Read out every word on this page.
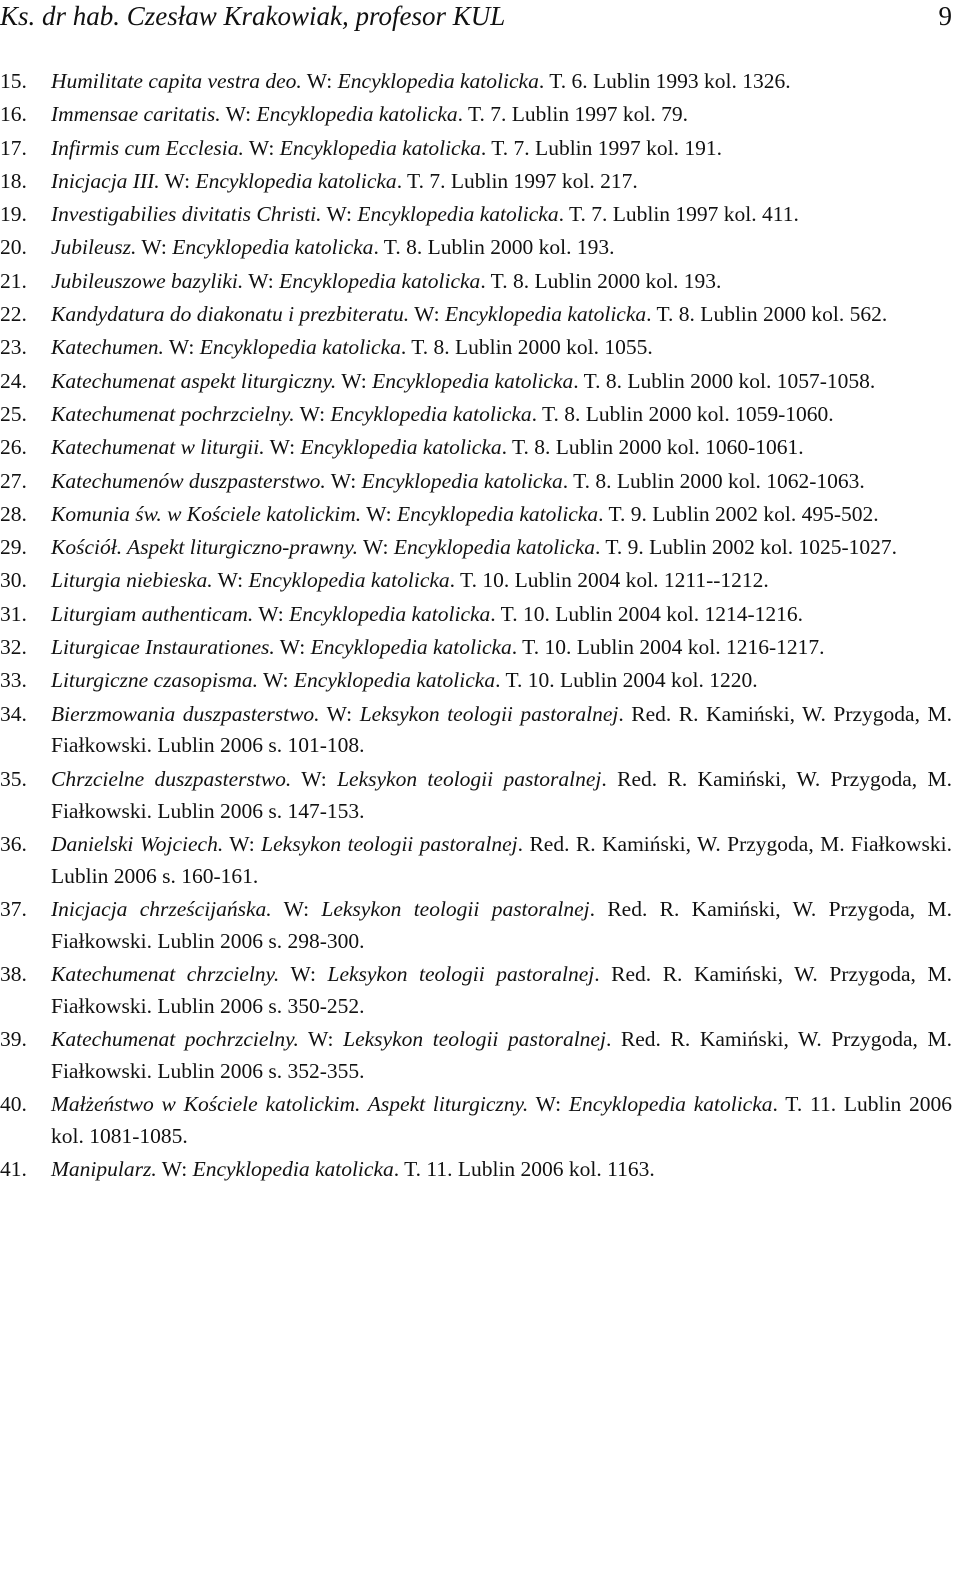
Ks. dr hab. Czesław Krakowiak, profesor KUL	9
15. Humilitate capita vestra deo. W: Encyklopedia katolicka. T. 6. Lublin 1993 kol. 1326.
16. Immensae caritatis. W: Encyklopedia katolicka. T. 7. Lublin 1997 kol. 79.
17. Infirmis cum Ecclesia. W: Encyklopedia katolicka. T. 7. Lublin 1997 kol. 191.
18. Inicjacja III. W: Encyklopedia katolicka. T. 7. Lublin 1997 kol. 217.
19. Investigabilies divitatis Christi. W: Encyklopedia katolicka. T. 7. Lublin 1997 kol. 411.
20. Jubileusz. W: Encyklopedia katolicka. T. 8. Lublin 2000 kol. 193.
21. Jubileuszowe bazyliki. W: Encyklopedia katolicka. T. 8. Lublin 2000 kol. 193.
22. Kandydatura do diakonatu i prezbiteratu. W: Encyklopedia katolicka. T. 8. Lublin 2000 kol. 562.
23. Katechumen. W: Encyklopedia katolicka. T. 8. Lublin 2000 kol. 1055.
24. Katechumenat aspekt liturgiczny. W: Encyklopedia katolicka. T. 8. Lublin 2000 kol. 1057-1058.
25. Katechumenat pochrzcielny. W: Encyklopedia katolicka. T. 8. Lublin 2000 kol. 1059-1060.
26. Katechumenat w liturgii. W: Encyklopedia katolicka. T. 8. Lublin 2000 kol. 1060-1061.
27. Katechumenów duszpasterstwo. W: Encyklopedia katolicka. T. 8. Lublin 2000 kol. 1062-1063.
28. Komunia św. w Kościele katolickim. W: Encyklopedia katolicka. T. 9. Lublin 2002 kol. 495-502.
29. Kościół. Aspekt liturgiczno-prawny. W: Encyklopedia katolicka. T. 9. Lublin 2002 kol. 1025-1027.
30. Liturgia niebieska. W: Encyklopedia katolicka. T. 10. Lublin 2004 kol. 1211--1212.
31. Liturgiam authenticam. W: Encyklopedia katolicka. T. 10. Lublin 2004 kol. 1214-1216.
32. Liturgicae Instaurationes. W: Encyklopedia katolicka. T. 10. Lublin 2004 kol. 1216-1217.
33. Liturgiczne czasopisma. W: Encyklopedia katolicka. T. 10. Lublin 2004 kol. 1220.
34. Bierzmowania duszpasterstwo. W: Leksykon teologii pastoralnej. Red. R. Kamiński, W. Przygoda, M. Fiałkowski. Lublin 2006 s. 101-108.
35. Chrzcielne duszpasterstwo. W: Leksykon teologii pastoralnej. Red. R. Kamiński, W. Przygoda, M. Fiałkowski. Lublin 2006 s. 147-153.
36. Danielski Wojciech. W: Leksykon teologii pastoralnej. Red. R. Kamiński, W. Przygoda, M. Fiałkowski. Lublin 2006 s. 160-161.
37. Inicjacja chrześcijańska. W: Leksykon teologii pastoralnej. Red. R. Kamiński, W. Przygoda, M. Fiałkowski. Lublin 2006 s. 298-300.
38. Katechumenat chrzcielny. W: Leksykon teologii pastoralnej. Red. R. Kamiński, W. Przygoda, M. Fiałkowski. Lublin 2006 s. 350-252.
39. Katechumenat pochrzcielny. W: Leksykon teologii pastoralnej. Red. R. Kamiński, W. Przygoda, M. Fiałkowski. Lublin 2006 s. 352-355.
40. Małżeństwo w Kościele katolickim. Aspekt liturgiczny. W: Encyklopedia katolicka. T. 11. Lublin 2006 kol. 1081-1085.
41. Manipularz. W: Encyklopedia katolicka. T. 11. Lublin 2006 kol. 1163.
